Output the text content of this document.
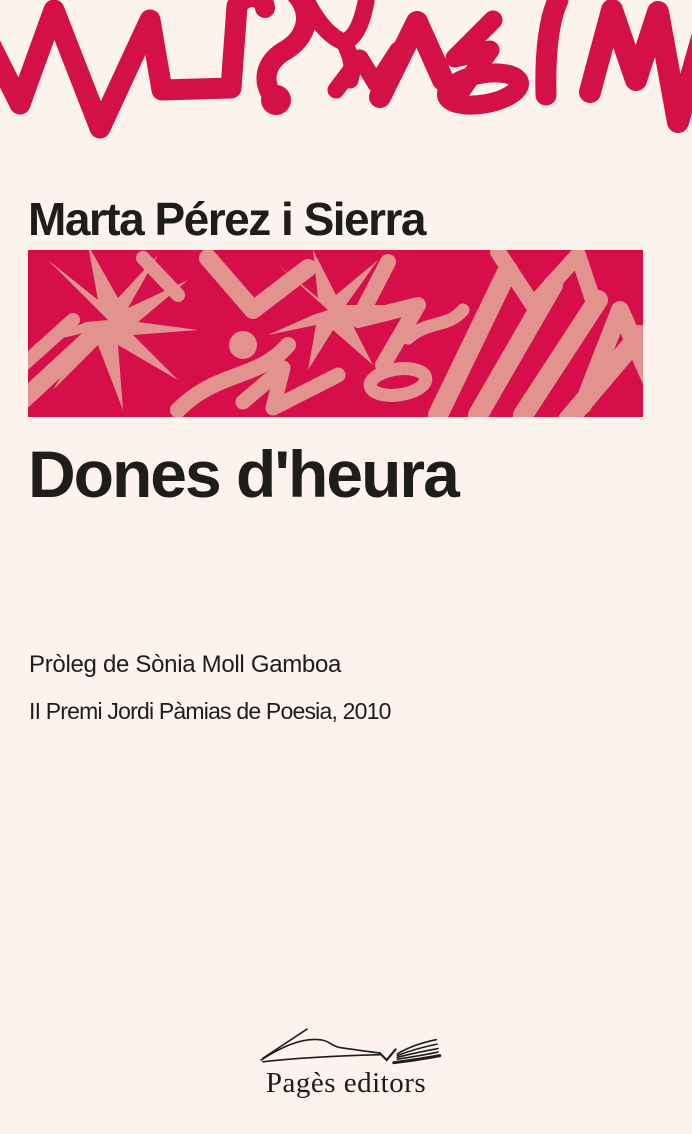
Marta Pérez i Sierra
Dones d'heura

Pròleg de Sònia Moll Gamboa

II Premi Jordi Pàmias de Poesia, 2010

Pagès editors
